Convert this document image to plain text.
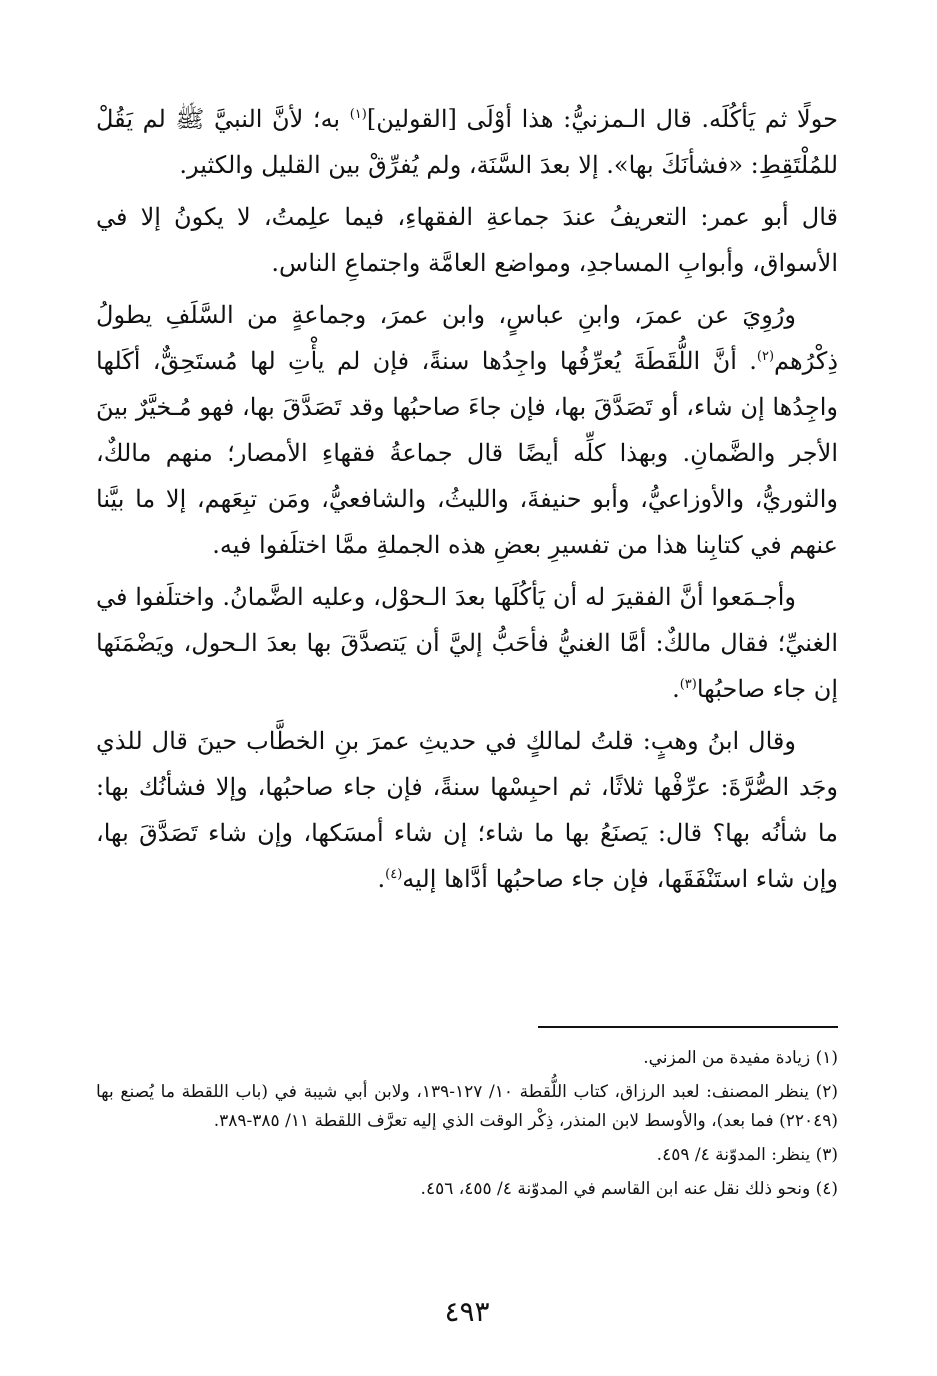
حولًا ثم يَأكُلَه. قال الـمزنيُّ: هذا أوْلَى [القولين]$^{(١)}$ به؛ لأنَّ النبيَّ ﷺ لم يَقُلْ للمُلْتَقِطِ: «فشأنَكَ بها». إلا بعدَ السَّنَة، ولم يُفرِّقْ بين القليل والكثير.

قال أبو عمر: التعريفُ عندَ جماعةِ الفقهاءِ، فيما علِمتُ، لا يكونُ إلا في الأسواق، وأبوابِ المساجدِ، ومواضع العامَّة واجتماعِ الناس.

ورُوِيَ عن عمرَ، وابنِ عباسٍ، وابن عمرَ، وجماعةٍ من السَّلَفِ يطولُ ذِكْرُهم$^{(٢)}$. أنَّ اللُّقَطَةَ يُعرِّفُها واجِدُها سنةً، فإن لم يأْتِ لها مُستَحِقٌّ، أكَلها واجِدُها إن شاء، أو تَصَدَّقَ بها، فإن جاءَ صاحبُها وقد تَصَدَّقَ بها، فهو مُـخيَّرٌ بينَ الأجر والضَّمانِ. وبهذا كلِّه أيضًا قال جماعةُ فقهاءِ الأمصار؛ منهم مالكٌ، والثوريُّ، والأوزاعيُّ، وأبو حنيفةَ، والليثُ، والشافعيُّ، ومَن تبِعَهم، إلا ما بيَّنا عنهم في كتابِنا هذا من تفسيرِ بعضِ هذه الجملةِ ممَّا اختلَفوا فيه.

وأجـمَعوا أنَّ الفقيرَ له أن يَأكُلَها بعدَ الـحوْل، وعليه الضَّمانُ. واختلَفوا في الغنيِّ؛ فقال مالكٌ: أمَّا الغنيُّ فأحَبُّ إليَّ أن يَتصدَّقَ بها بعدَ الـحول، ويَضْمَنَها إن جاء صاحبُها$^{(٣)}$.

وقال ابنُ وهبٍ: قلتُ لمالكٍ في حديثِ عمرَ بنِ الخطَّاب حينَ قال للذي وجَد الصُّرَّةَ: عرِّفْها ثلاثًا، ثم احبِسْها سنةً، فإن جاء صاحبُها، وإلا فشأنُك بها: ما شأنُه بها؟ قال: يَصنَعُ بها ما شاء؛ إن شاء أمسَكها، وإن شاء تَصَدَّقَ بها، وإن شاء استَنْفَقَها، فإن جاء صاحبُها أدَّاها إليه$^{(٤)}$.

(١) زيادة مفيدة من المزني.

(٢) ينظر المصنف: لعبد الرزاق، كتاب اللُّقطة ١٠/ ١٢٧-١٣٩، ولابن أبي شيبة في (باب اللقطة ما يُصنع بها (٢٢٠٤٩) فما بعد)، والأوسط لابن المنذر، ذِكْر الوقت الذي إليه تعرَّف اللقطة ١١/ ٣٨٥-٣٨٩.

(٣) ينظر: المدوّنة ٤/ ٤٥٩.

(٤) ونحو ذلك نقل عنه ابن القاسم في المدوّنة ٤/ ٤٥٥، ٤٥٦.

٤٩٣
